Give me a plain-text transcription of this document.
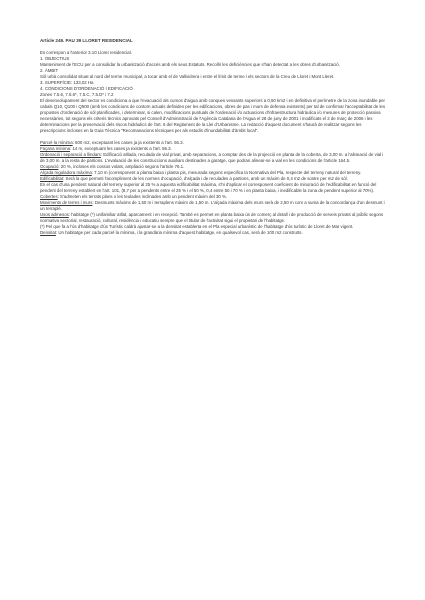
Article 249. PAU 39 LLORET RESIDENCIAL

Es correspon a l'anterior 3.10 Lloret residencial.

1. OBJECTIUS

Manteniment de l'ECU per a consolidar la urbanització d'accés amb els seus Estatuts. Recollir les deficiències que s'han detectat a les obres d'urbanització.

2. ÀMBIT

Sòl urbà consolidat situat al nord del terme municipal, a tocar amb el de Vallvidrera i entre el límit de terme i els sectors de la Creu de Lloret i Mont Lleret.

3. SUPERFÍCIE: 133,02 Ha

4. CONDICIONS D'ORDENACIÓ I EDIFICACIÓ

Zones 7.5.6, 7.5.6*, 7.5.C, 7.5.D* i 7.2

El desenvolupament del sector es condiciona a que l'evacuació als cursos d'aigua amb conques vessants superiors a 0,50 km2 i en definitiva el perímetre de la zona inundable per cabals Q10, Q100 i Q500 (amb les condicions de contorn actuals definides per les edificacions, obres de pas i murs de defensa existents) per tal de confirmar l'acceptabilitat de les propostes d'ordenació de sòl planificades, i determinar, si calen, modificacions puntuals de l'ordenació i/o actuacions d'infraestructura hidràulica i/o mesures de protecció passiva necessàries, tot segons els criteris tècnics aprovats pel Consell d'Administració de l'Agència Catalana de l'Aigua el 28 de juny de 2001 i modificats el 2 de març de 2006 i les determinacions per la preservació dels riscos hidràulics de l'art. 6 del Reglament de la Llei d'Urbanisme. La redacció d'aquest document s'haurà de realitzar segons les prescripcions incloses en la Guia Tècnica "Recomanacions tècniques per als estudis d'inundabilitat d'àmbit local".

Parcel·la mínima: 600 m2, exceptuant les cases ja ja existents a l'art. 56.3.

Façana mínima: 14 m, exceptuant les cases ja existents a l'art. 56.3.

Ordenació i separació a llindars: Edificació aïllada, reculada de vial privat, amb separacions, a comptar des de la projecció en planta de la coberta, de 3,00 m. a l'alineació de vial i de 3,00 m. a la resta de partions. L'evaluació de les construccions auxiliars destinades a garatge, que podran alinear-se a vial en les condicions de l'article 164.5.

Ocupació: 20 %, incloses els cossos volats, ampliació segons l'article 76.1.

Alçada reguladora màxima: 7,10 m (corresponent a planta baixa i planta pis, mesurada segons especifica la Normativa del Pla, respecte del terreny natural del terreny.

Edificabilitat: Serà la que permeti l'acompliment de les normes d'ocupació, d'alçada i de reculades a partions, amb un màxim de 0,4 m2 de sostre per m2 de sòl.

En el cas d'una pendent natural del terreny superior al 25 % a aquesta edificabilitat màxima, s'hi d'aplicar el corresponent coeficient de minoració de l'edificabilitat en funció del pendent del terreny establert en l'art. 101, (8,7 per a pendents entre el 25 % i el 50 %, 0,4 entre 50 i 70 % i en planta baixa, i inedificable la zona de pendent superior al 70%).

Cobertes: S'admeten els terrats plans o les teulades inclinades amb un pendent màxim del 30 %.

Moviments de terres i murs: Desmunts màxims de 1,50 m i terraplens màxim de 1,50 m. L'alçada màxima dels murs serà de 2,50 m com a suma de la concordança d'un desmunt i un terraplè.

Usos admesos: habitatge (*) unifamiliar aïllat, aparcament i en recepció. També es permet en planta baixa ús de comerç al detall i de producció de serveis privats al públic segons normativa sectorial, restauració, cultural, residència i educatiu sempre que el titular de l'activitat sigui el propietari de l'habitatge.

(*) Pel que fa a l'ús d'habitatge d'ús Turístic caldrà ajustar-se a la densitat establerta en el Pla especial urbanístic de l'habitatge d'ús turístic de Lloret de Mar vigent.

Densitat: Un habitatge per cada parcel·la mínima, i la grandària mínima d'aquest habitatge, en qualsevol cas, serà de 100 m2 construïts.
